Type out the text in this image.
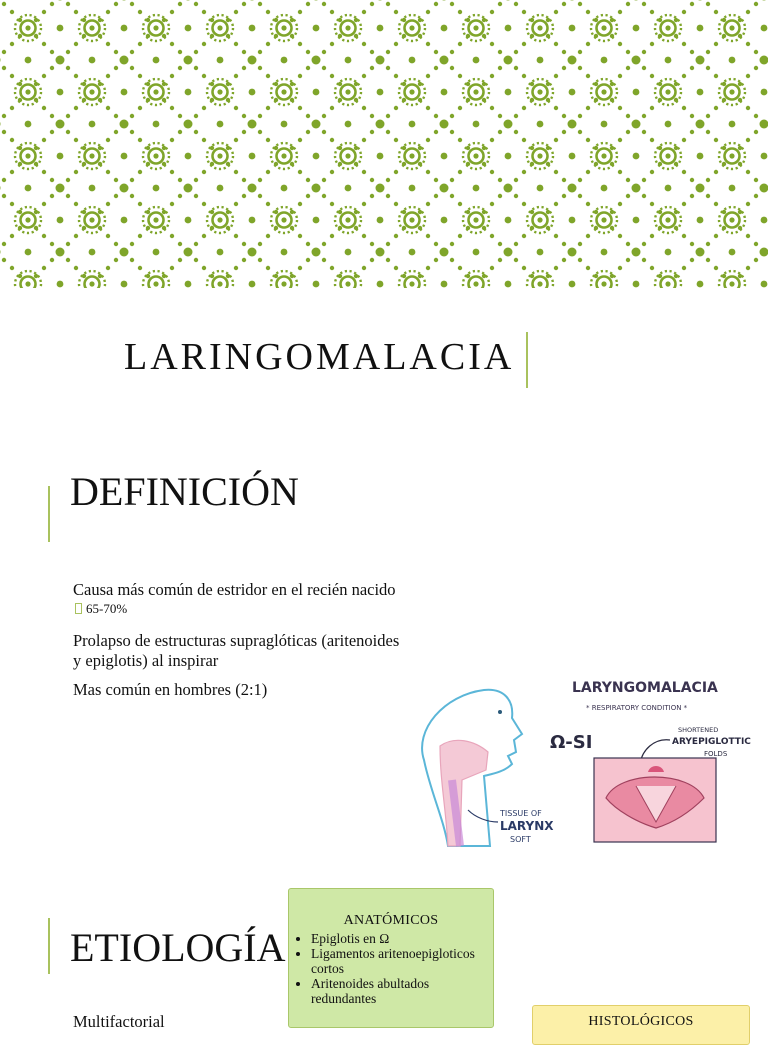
LARINGOMALACIA
DEFINICIÓN
Causa más común de estridor en el recién nacido
65-70%
Prolapso de estructuras supraglóticas (aritenoides
y epiglotis) al inspirar
Mas común en hombres (2:1)
TISSUE OF
LARYNX
SOFT
LARYNGOMALACIA
* RESPIRATORY CONDITION *
Ω-SI
SHORTENED
ARYEPIGLOTTIC
FOLDS
ETIOLOGÍA
Multifactorial
ANATÓMICOS
• Epiglotis en Ω
• Ligamentos aritenoepigloticos cortos
• Aritenoides abultados redundantes
HISTOLÓGICOS
